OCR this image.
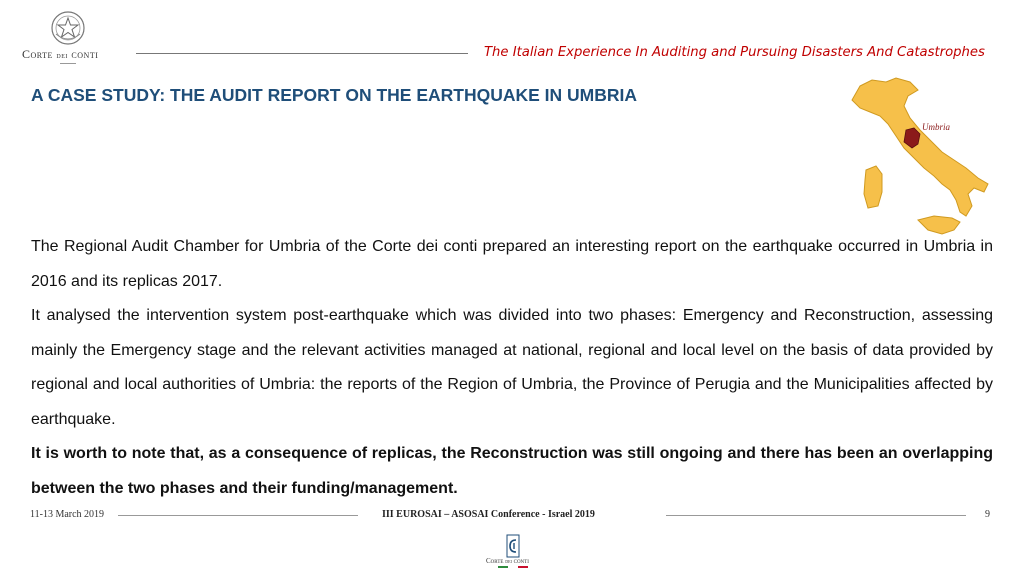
Corte dei conti	The Italian Experience In Auditing and Pursuing Disasters And Catastrophes
A CASE STUDY: THE AUDIT REPORT ON THE EARTHQUAKE IN UMBRIA
Umbria

The Regional Audit Chamber for Umbria of the Corte dei conti prepared an interesting report on the earthquake occurred in Umbria in 2016 and its replicas 2017.

It analysed the intervention system post-earthquake which was divided into two phases: Emergency and Reconstruction, assessing mainly the Emergency stage and the relevant activities managed at national, regional and local level on the basis of data provided by regional and local authorities of Umbria: the reports of the Region of Umbria, the Province of Perugia and the Municipalities affected by earthquake.

It is worth to note that, as a consequence of replicas, the Reconstruction was still ongoing and there has been an overlapping between the two phases and their funding/management.

11-13 March 2019	III EUROSAI – ASOSAI Conference - Israel 2019	9
Corte dei conti
